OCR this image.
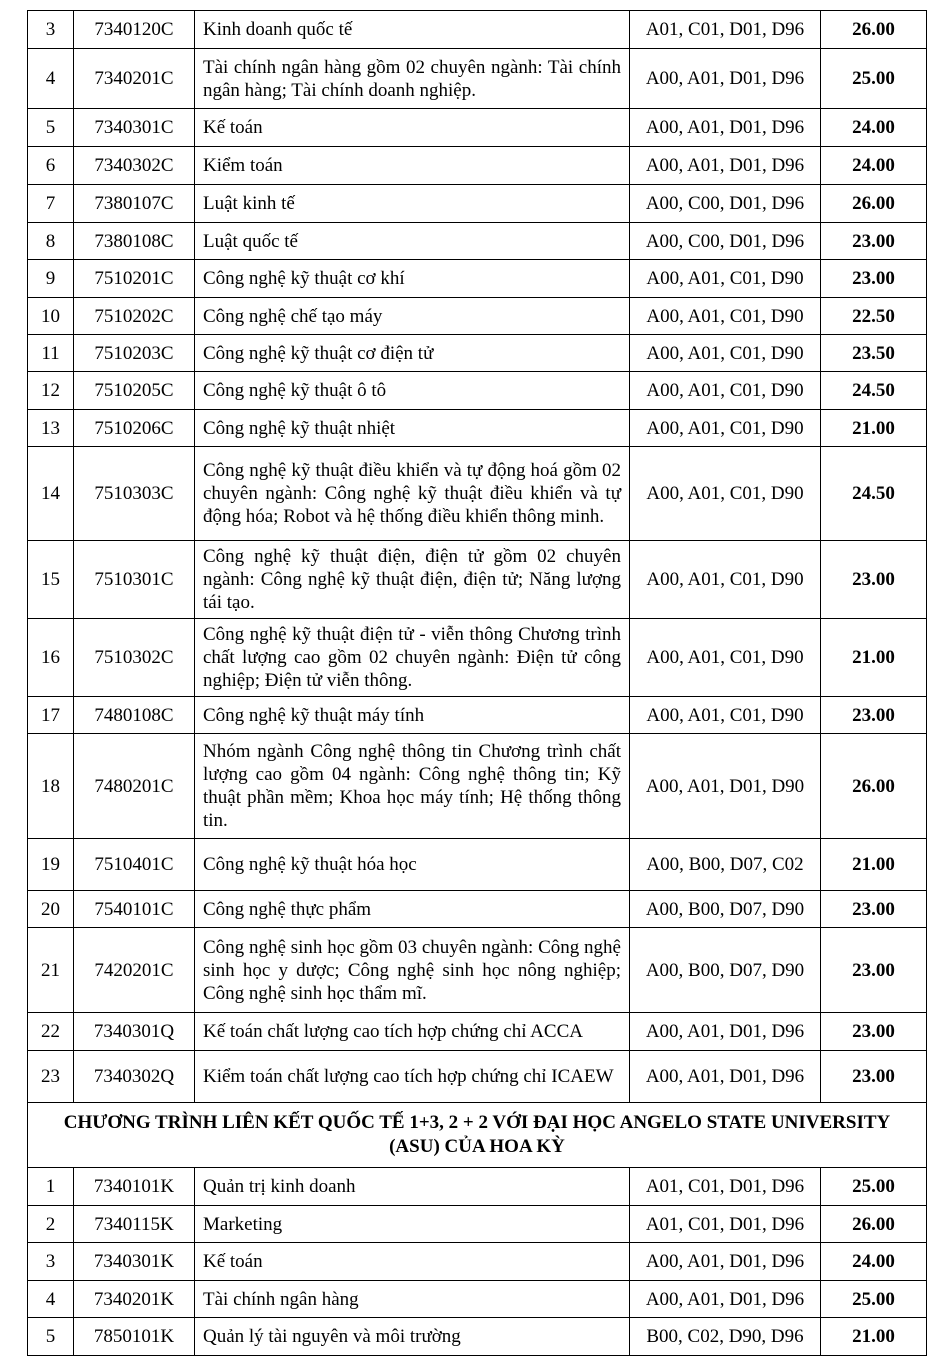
3	7340120C	Kinh doanh quốc tế	A01, C01, D01, D96	26.00
4	7340201C	Tài chính ngân hàng gồm 02 chuyên ngành: Tài chính ngân hàng; Tài chính doanh nghiệp.	A00, A01, D01, D96	25.00
5	7340301C	Kế toán	A00, A01, D01, D96	24.00
6	7340302C	Kiểm toán	A00, A01, D01, D96	24.00
7	7380107C	Luật kinh tế	A00, C00, D01, D96	26.00
8	7380108C	Luật quốc tế	A00, C00, D01, D96	23.00
9	7510201C	Công nghệ kỹ thuật cơ khí	A00, A01, C01, D90	23.00
10	7510202C	Công nghệ chế tạo máy	A00, A01, C01, D90	22.50
11	7510203C	Công nghệ kỹ thuật cơ điện tử	A00, A01, C01, D90	23.50
12	7510205C	Công nghệ kỹ thuật ô tô	A00, A01, C01, D90	24.50
13	7510206C	Công nghệ kỹ thuật nhiệt	A00, A01, C01, D90	21.00
14	7510303C	Công nghệ kỹ thuật điều khiển và tự động hoá gồm 02 chuyên ngành: Công nghệ kỹ thuật điều khiển và tự động hóa; Robot và hệ thống điều khiển thông minh.	A00, A01, C01, D90	24.50
15	7510301C	Công nghệ kỹ thuật điện, điện tử gồm 02 chuyên ngành: Công nghệ kỹ thuật điện, điện tử; Năng lượng tái tạo.	A00, A01, C01, D90	23.00
16	7510302C	Công nghệ kỹ thuật điện tử - viễn thông Chương trình chất lượng cao gồm 02 chuyên ngành: Điện tử công nghiệp; Điện tử viễn thông.	A00, A01, C01, D90	21.00
17	7480108C	Công nghệ kỹ thuật máy tính	A00, A01, C01, D90	23.00
18	7480201C	Nhóm ngành Công nghệ thông tin Chương trình chất lượng cao gồm 04 ngành: Công nghệ thông tin; Kỹ thuật phần mềm; Khoa học máy tính; Hệ thống thông tin.	A00, A01, D01, D90	26.00
19	7510401C	Công nghệ kỹ thuật hóa học	A00, B00, D07, C02	21.00
20	7540101C	Công nghệ thực phẩm	A00, B00, D07, D90	23.00
21	7420201C	Công nghệ sinh học gồm 03 chuyên ngành: Công nghệ sinh học y dược; Công nghệ sinh học nông nghiệp; Công nghệ sinh học thẩm mĩ.	A00, B00, D07, D90	23.00
22	7340301Q	Kế toán chất lượng cao tích hợp chứng chỉ ACCA	A00, A01, D01, D96	23.00
23	7340302Q	Kiểm toán chất lượng cao tích hợp chứng chỉ ICAEW	A00, A01, D01, D96	23.00
CHƯƠNG TRÌNH LIÊN KẾT QUỐC TẾ 1+3, 2 + 2 VỚI ĐẠI HỌC ANGELO STATE UNIVERSITY (ASU) CỦA HOA KỲ				
1	7340101K	Quản trị kinh doanh	A01, C01, D01, D96	25.00
2	7340115K	Marketing	A01, C01, D01, D96	26.00
3	7340301K	Kế toán	A00, A01, D01, D96	24.00
4	7340201K	Tài chính ngân hàng	A00, A01, D01, D96	25.00
5	7850101K	Quản lý tài nguyên và môi trường	B00, C02, D90, D96	21.00
